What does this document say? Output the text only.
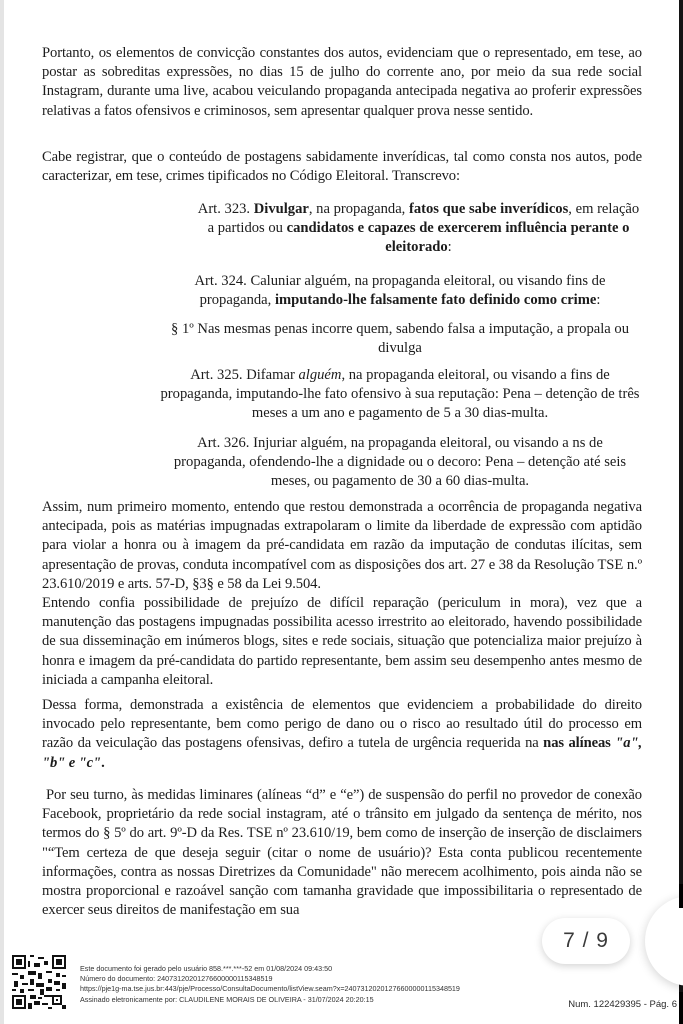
Portanto, os elementos de convicção constantes dos autos, evidenciam que o representado, em tese, ao postar as sobreditas expressões, no dias 15 de julho do corrente ano, por meio da sua rede social Instagram, durante uma live, acabou veiculando propaganda antecipada negativa ao proferir expressões relativas a fatos ofensivos e criminosos, sem apresentar qualquer prova nesse sentido.

Cabe registrar, que o conteúdo de postagens sabidamente inverídicas, tal como consta nos autos, pode caracterizar, em tese, crimes tipificados no Código Eleitoral. Transcrevo:

Art. 323. Divulgar, na propaganda, fatos que sabe inverídicos, em relação a partidos ou candidatos e capazes de exercerem influência perante o eleitorado:

Art. 324. Caluniar alguém, na propaganda eleitoral, ou visando fins de propaganda, imputando-lhe falsamente fato definido como crime:

§ 1º Nas mesmas penas incorre quem, sabendo falsa a imputação, a propala ou divulga

Art. 325. Difamar alguém, na propaganda eleitoral, ou visando a fins de propaganda, imputando-lhe fato ofensivo à sua reputação: Pena – detenção de três meses a um ano e pagamento de 5 a 30 dias-multa.

Art. 326. Injuriar alguém, na propaganda eleitoral, ou visando a ns de propaganda, ofendendo-lhe a dignidade ou o decoro: Pena – detenção até seis meses, ou pagamento de 30 a 60 dias-multa.

Assim, num primeiro momento, entendo que restou demonstrada a ocorrência de propaganda negativa antecipada, pois as matérias impugnadas extrapolaram o limite da liberdade de expressão com aptidão para violar a honra ou à imagem da pré-candidata em razão da imputação de condutas ilícitas, sem apresentação de provas, conduta incompatível com as disposições dos art. 27 e 38 da Resolução TSE n.º 23.610/2019 e arts. 57-D, §3§ e 58 da Lei 9.504.

Entendo confia possibilidade de prejuízo de difícil reparação (periculum in mora), vez que a manutenção das postagens impugnadas possibilita acesso irrestrito ao eleitorado, havendo possibilidade de sua disseminação em inúmeros blogs, sites e rede sociais, situação que potencializa maior prejuízo à honra e imagem da pré-candidata do partido representante, bem assim seu desempenho antes mesmo de iniciada a campanha eleitoral.

Dessa forma, demonstrada a existência de elementos que evidenciem a probabilidade do direito invocado pelo representante, bem como perigo de dano ou o risco ao resultado útil do processo em razão da veiculação das postagens ofensivas, defiro a tutela de urgência requerida na nas alíneas "a", "b" e "c".

Por seu turno, às medidas liminares (alíneas “d” e “e”) de suspensão do perfil no provedor de conexão Facebook, proprietário da rede social instagram, até o trânsito em julgado da sentença de mérito, nos termos do § 5º do art. 9º-D da Res. TSE nº 23.610/19, bem como de inserção de inserção de disclaimers "“Tem certeza de que deseja seguir (citar o nome de usuário)? Esta conta publicou recentemente informações, contra as nossas Diretrizes da Comunidade" não merecem acolhimento, pois ainda não se mostra proporcional e razoável sanção com tamanha gravidade que impossibilitaria o representado de exercer seus direitos de manifestação em sua

Este documento foi gerado pelo usuário 858.***.***-52 em 01/08/2024 09:43:50
Número do documento: 24073120201276600000115348519
https://pje1g-ma.tse.jus.br:443/pje/Processo/ConsultaDocumento/listView.seam?x=24073120201276600000115348519
Assinado eletronicamente por: CLAUDILENE MORAIS DE OLIVEIRA - 31/07/2024 20:20:15
7 / 9
Num. 122429395 - Pág. 6
